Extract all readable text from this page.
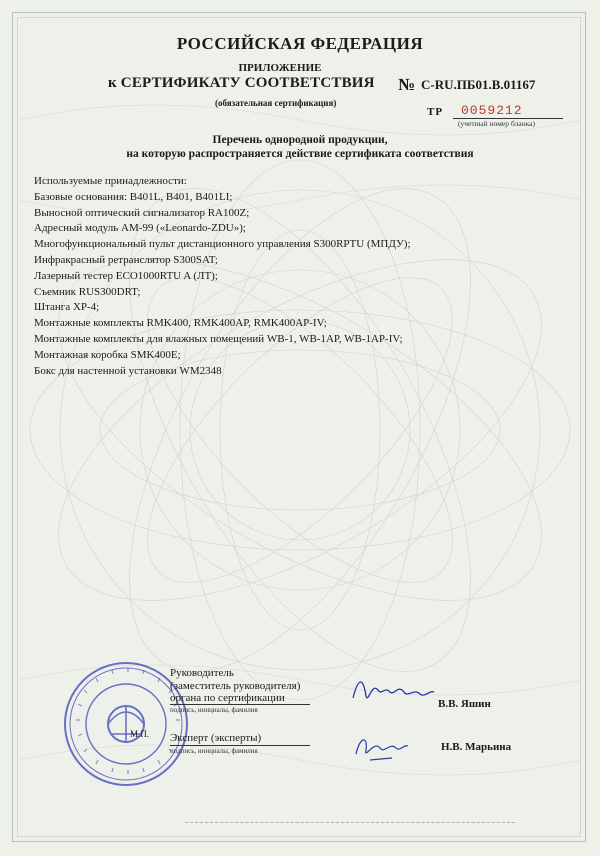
РОССИЙСКАЯ ФЕДЕРАЦИЯ
ПРИЛОЖЕНИЕ
к СЕРТИФИКАТУ СООТВЕТСТВИЯ № C-RU.ПБ01.В.01167
(обязательная сертификация)
ТР 0059212
(учетный номер бланка)
Перечень однородной продукции,
на которую распространяется действие сертификата соответствия
Используемые принадлежности:
Базовые основания: В401L, В401, В401LI;
Выносной оптический сигнализатор RA100Z;
Адресный модуль АМ-99 («Leonardo-ZDU»);
Многофункциональный пульт дистанционного управления S300RPTU (МПДУ);
Инфракрасный ретранслятор S300SAT;
Лазерный тестер ECO1000RTU A (ЛТ);
Съемник RUS300DRT;
Штанга ХР-4;
Монтажные комплекты RMK400, RMK400AP, RMK400AP-IV;
Монтажные комплекты для влажных помещений WB-1, WB-1AP, WB-1AP-IV;
Монтажная коробка SMK400E;
Бокс для настенной установки WM2348
Руководитель
(заместитель руководителя)
органа по сертификации
подпись, инициалы, фамилия
М.П. Эксперт (эксперты)
подпись, инициалы, фамилия
В.В. Яшин
Н.В. Марьина
